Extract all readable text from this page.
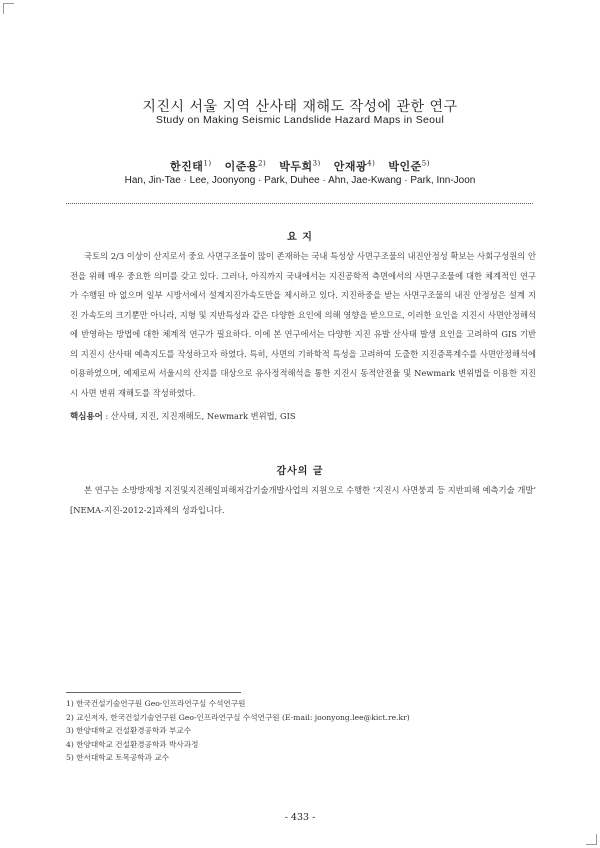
지진시 서울 지역 산사태 재해도 작성에 관한 연구
Study on Making Seismic Landslide Hazard Maps in Seoul
한진태$^{1)}$ 이준용$^{2)}$ 박두희$^{3)}$ 안재광$^{4)}$ 박인준$^{5)}$
Han, Jin-Tae · Lee, Joonyong · Park, Duhee · Ahn, Jae-Kwang · Park, Inn-Joon
요 지

국토의 2/3 이상이 산지로서 중요 사면구조물이 많이 존재하는 국내 특성상 사면구조물의 내진안정성 확보는 사회구성원의 안전을 위해 매우 중요한 의미를 갖고 있다. 그러나, 아직까지 국내에서는 지진공학적 측면에서의 사면구조물에 대한 체계적인 연구가 수행된 바 없으며 일부 시방서에서 설계지진가속도만을 제시하고 있다. 지진하중을 받는 사면구조물의 내진 안정성은 설계 지진 가속도의 크기뿐만 아니라, 지형 및 지반특성과 같은 다양한 요인에 의해 영향을 받으므로, 이러한 요인을 지진시 사면안정해석에 반영하는 방법에 대한 체계적 연구가 필요하다. 이에 본 연구에서는 다양한 지진 유발 산사태 발생 요인을 고려하여 GIS 기반의 지진시 산사태 예측지도를 작성하고자 하였다. 특히, 사면의 기하학적 특성을 고려하여 도출한 지진증폭계수를 사면안정해석에 이용하였으며, 예제로써 서울시의 산지를 대상으로 유사정적해석을 통한 지진시 동적안전율 및 Newmark 변위법을 이용한 지진시 사면 변위 재해도를 작성하였다.

핵심용어 : 산사태, 지진, 지진재해도, Newmark 변위법, GIS
감사의 글

본 연구는 소방방재청 지진및지진해일피해저감기술개발사업의 지원으로 수행한 ‘지진시 사면붕괴 등 지반피해 예측기술 개발’ [NEMA-지진-2012-2]과제의 성과입니다.

1) 한국건설기술연구원 Geo-인프라연구실 수석연구원
2) 교신저자, 한국건설기술연구원 Geo-인프라연구실 수석연구원 (E-mail: joonyong.lee@kict.re.kr)
3) 한양대학교 건설환경공학과 부교수
4) 한양대학교 건설환경공학과 박사과정
5) 한서대학교 토목공학과 교수
- 433 -
